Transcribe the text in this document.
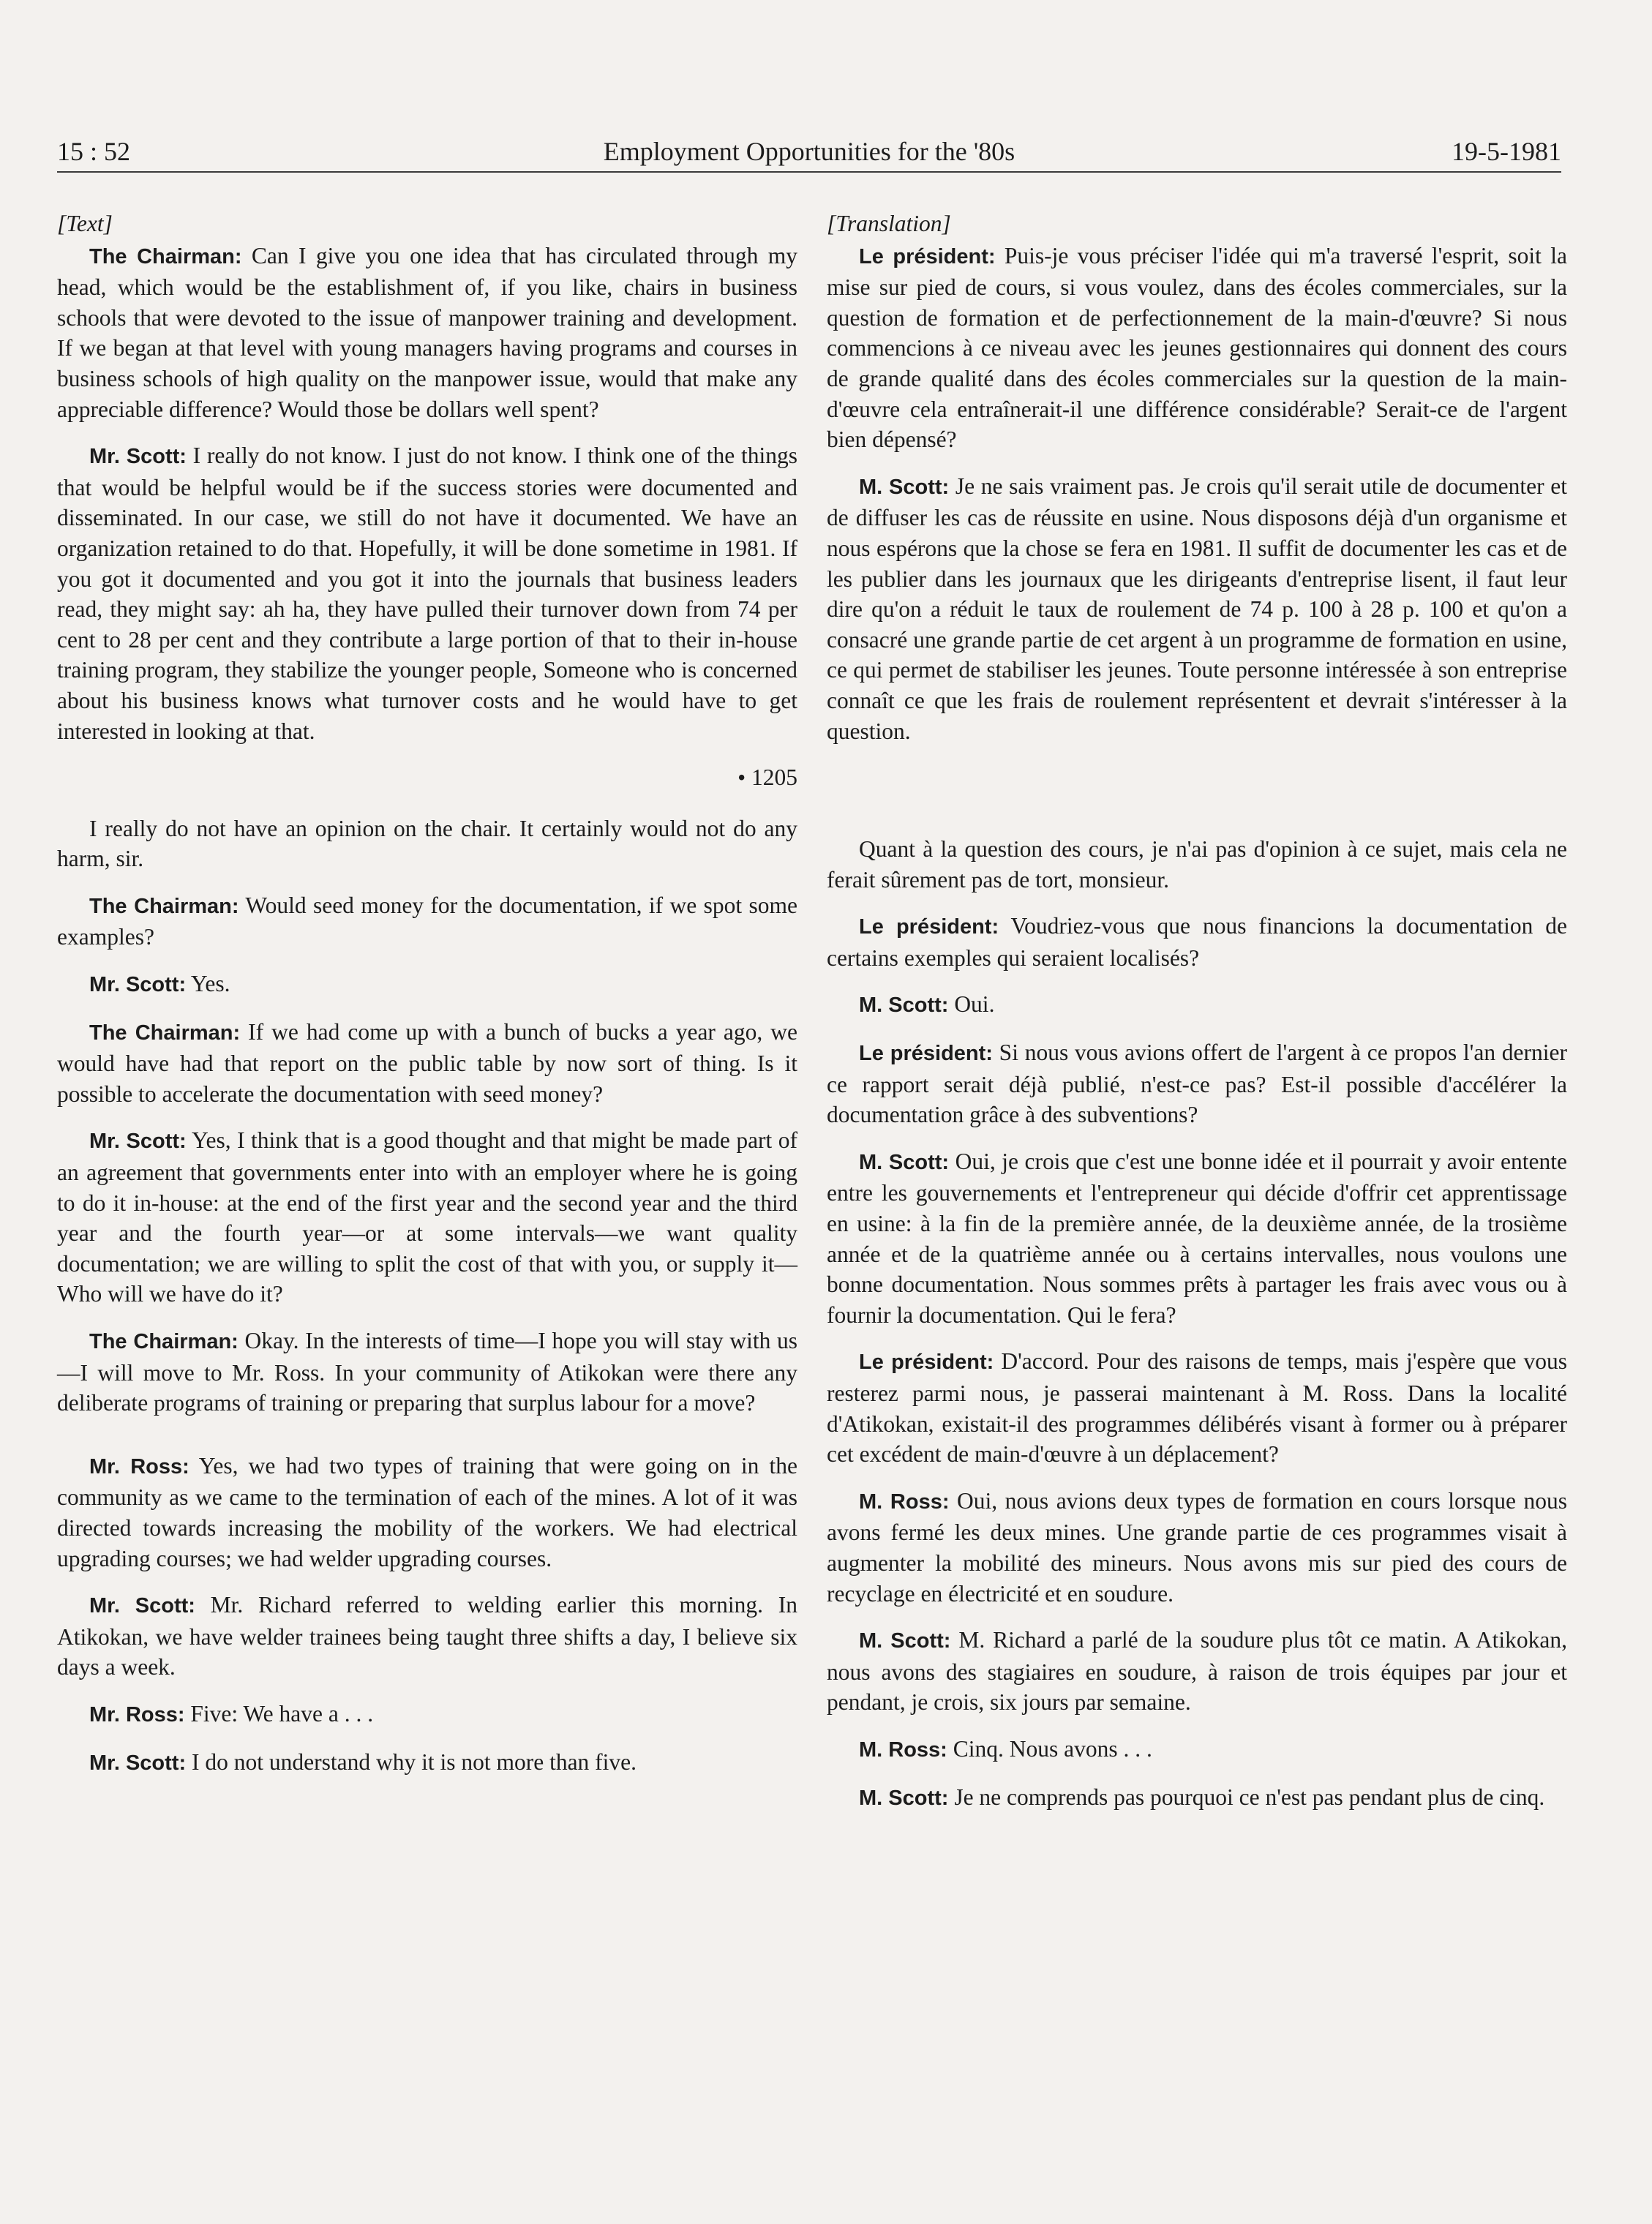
Employment Opportunities for the '80s
15 : 52	19-5-1981
[Text]

The Chairman: Can I give you one idea that has circulated through my head, which would be the establishment of, if you like, chairs in business schools that were devoted to the issue of manpower training and development. If we began at that level with young managers having programs and courses in business schools of high quality on the manpower issue, would that make any appreciable difference? Would those be dollars well spent?

Mr. Scott: I really do not know. I just do not know. I think one of the things that would be helpful would be if the success stories were documented and disseminated. In our case, we still do not have it documented. We have an organization retained to do that. Hopefully, it will be done sometime in 1981. If you got it documented and you got it into the journals that business leaders read, they might say: ah ha, they have pulled their turnover down from 74 per cent to 28 per cent and they contribute a large portion of that to their in-house training program, they stabilize the younger people, Someone who is concerned about his business knows what turnover costs and he would have to get interested in looking at that.

• 1205

I really do not have an opinion on the chair. It certainly would not do any harm, sir.

The Chairman: Would seed money for the documentation, if we spot some examples?

Mr. Scott: Yes.

The Chairman: If we had come up with a bunch of bucks a year ago, we would have had that report on the public table by now sort of thing. Is it possible to accelerate the documentation with seed money?

Mr. Scott: Yes, I think that is a good thought and that might be made part of an agreement that governments enter into with an employer where he is going to do it in-house: at the end of the first year and the second year and the third year and the fourth year—or at some intervals—we want quality documentation; we are willing to split the cost of that with you, or supply it—Who will we have do it?

The Chairman: Okay. In the interests of time—I hope you will stay with us—I will move to Mr. Ross. In your community of Atikokan were there any deliberate programs of training or preparing that surplus labour for a move?

Mr. Ross: Yes, we had two types of training that were going on in the community as we came to the termination of each of the mines. A lot of it was directed towards increasing the mobility of the workers. We had electrical upgrading courses; we had welder upgrading courses.

Mr. Scott: Mr. Richard referred to welding earlier this morning. In Atikokan, we have welder trainees being taught three shifts a day, I believe six days a week.

Mr. Ross: Five: We have a . . .

Mr. Scott: I do not understand why it is not more than five.

[Translation]

Le président: Puis-je vous préciser l'idée qui m'a traversé l'esprit, soit la mise sur pied de cours, si vous voulez, dans des écoles commerciales, sur la question de formation et de perfectionnement de la main-d'œuvre? Si nous commencions à ce niveau avec les jeunes gestionnaires qui donnent des cours de grande qualité dans des écoles commerciales sur la question de la main-d'œuvre cela entraînerait-il une différence considérable? Serait-ce de l'argent bien dépensé?

M. Scott: Je ne sais vraiment pas. Je crois qu'il serait utile de documenter et de diffuser les cas de réussite en usine. Nous disposons déjà d'un organisme et nous espérons que la chose se fera en 1981. Il suffit de documenter les cas et de les publier dans les journaux que les dirigeants d'entreprise lisent, il faut leur dire qu'on a réduit le taux de roulement de 74 p. 100 à 28 p. 100 et qu'on a consacré une grande partie de cet argent à un programme de formation en usine, ce qui permet de stabiliser les jeunes. Toute personne intéressée à son entreprise connaît ce que les frais de roulement représentent et devrait s'intéresser à la question.

Quant à la question des cours, je n'ai pas d'opinion à ce sujet, mais cela ne ferait sûrement pas de tort, monsieur.

Le président: Voudriez-vous que nous financions la documentation de certains exemples qui seraient localisés?

M. Scott: Oui.

Le président: Si nous vous avions offert de l'argent à ce propos l'an dernier ce rapport serait déjà publié, n'est-ce pas? Est-il possible d'accélérer la documentation grâce à des subventions?

M. Scott: Oui, je crois que c'est une bonne idée et il pourrait y avoir entente entre les gouvernements et l'entrepreneur qui décide d'offrir cet apprentissage en usine: à la fin de la première année, de la deuxième année, de la trosième année et de la quatrième année ou à certains intervalles, nous voulons une bonne documentation. Nous sommes prêts à partager les frais avec vous ou à fournir la documentation. Qui le fera?

Le président: D'accord. Pour des raisons de temps, mais j'espère que vous resterez parmi nous, je passerai maintenant à M. Ross. Dans la localité d'Atikokan, existait-il des programmes délibérés visant à former ou à préparer cet excédent de main-d'œuvre à un déplacement?

M. Ross: Oui, nous avions deux types de formation en cours lorsque nous avons fermé les deux mines. Une grande partie de ces programmes visait à augmenter la mobilité des mineurs. Nous avons mis sur pied des cours de recyclage en électricité et en soudure.

M. Scott: M. Richard a parlé de la soudure plus tôt ce matin. A Atikokan, nous avons des stagiaires en soudure, à raison de trois équipes par jour et pendant, je crois, six jours par semaine.

M. Ross: Cinq. Nous avons . . .

M. Scott: Je ne comprends pas pourquoi ce n'est pas pendant plus de cinq.
